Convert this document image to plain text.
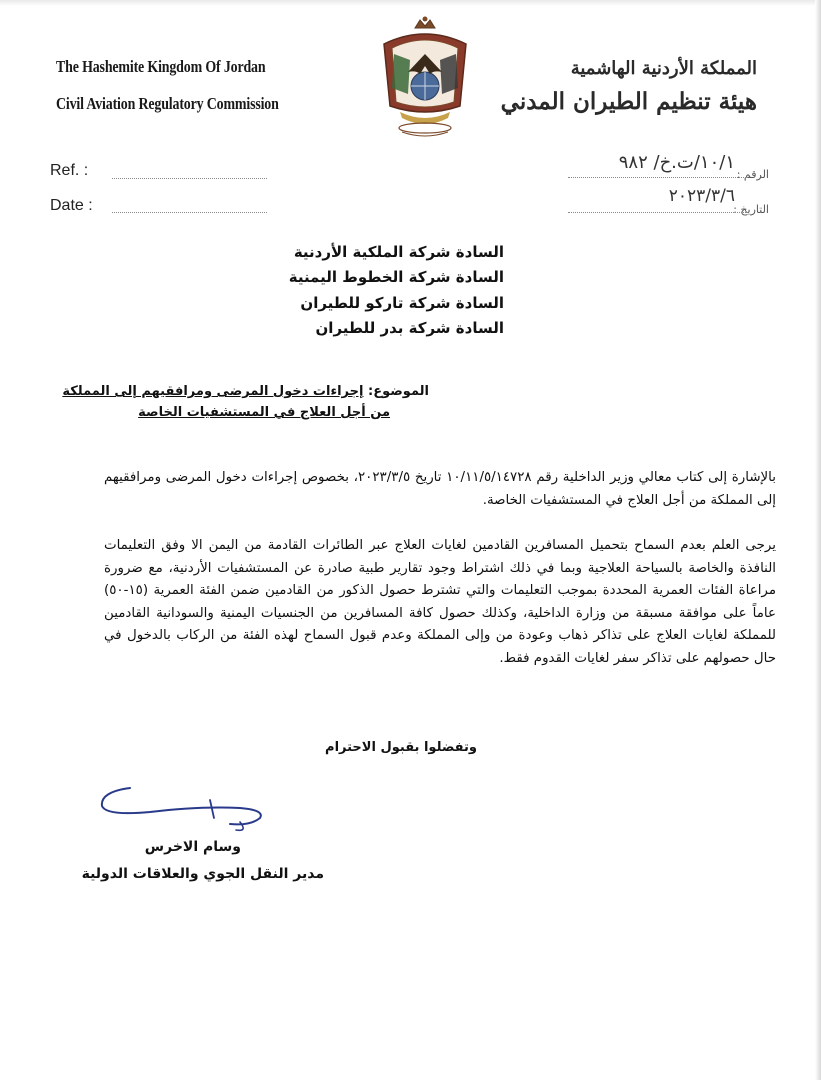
The Hashemite Kingdom Of Jordan
Civil Aviation Regulatory Commission
المملكة الأردنية الهاشمية
هيئة تنظيم الطيران المدني
Ref. :
Date :
الرقم :
١٠/١/ت.خ/ ٩٨٢
التاريخ :
٢٠٢٣/٣/٦
السادة شركة الملكية الأردنية
السادة شركة الخطوط اليمنية
السادة شركة تاركو للطيران
السادة شركة بدر للطيران
الموضوع: إجراءات دخول المرضى ومرافقيهم إلى المملكة
من أجل العلاج في المستشفيات الخاصة
بالإشارة إلى كتاب معالي وزير الداخلية رقم ١٠/١١/٥/١٤٧٢٨ تاريخ ٢٠٢٣/٣/٥، بخصوص إجراءات دخول المرضى ومرافقيهم إلى المملكة من أجل العلاج في المستشفيات الخاصة.
يرجى العلم بعدم السماح بتحميل المسافرين القادمين لغايات العلاج عبر الطائرات القادمة من اليمن الا وفق التعليمات النافذة والخاصة بالسياحة العلاجية وبما في ذلك اشتراط وجود تقارير طبية صادرة عن المستشفيات الأردنية، مع ضرورة مراعاة الفئات العمرية المحددة بموجب التعليمات والتي تشترط حصول الذكور من القادمين ضمن الفئة العمرية (١٥-٥٠) عاماً على موافقة مسبقة من وزارة الداخلية، وكذلك حصول كافة المسافرين من الجنسيات اليمنية والسودانية القادمين للمملكة لغايات العلاج على تذاكر ذهاب وعودة من وإلى المملكة وعدم قبول السماح لهذه الفئة من الركاب بالدخول في حال حصولهم على تذاكر سفر لغايات القدوم فقط.
وتفضلوا بقبول الاحترام
وسام الاخرس
مدير النقل الجوي والعلاقات الدولية
